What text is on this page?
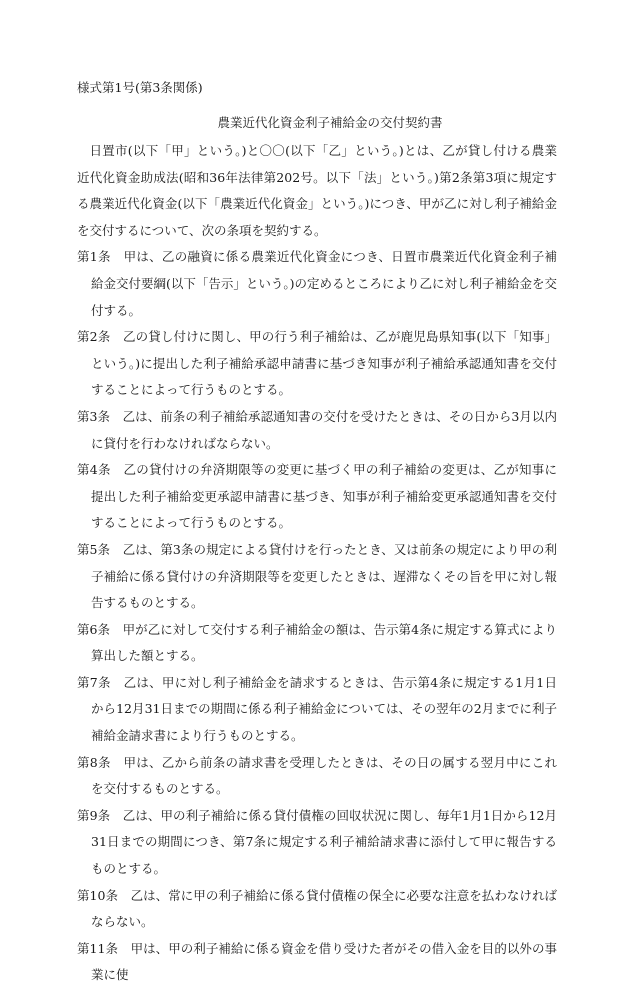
様式第1号(第3条関係)
農業近代化資金利子補給金の交付契約書

日置市(以下「甲」という。)と〇〇(以下「乙」という。)とは、乙が貸し付ける農業近代化資金助成法(昭和36年法律第202号。以下「法」という。)第2条第3項に規定する農業近代化資金(以下「農業近代化資金」という。)につき、甲が乙に対し利子補給金を交付するについて、次の条項を契約する。

第1条　 甲は、乙の融資に係る農業近代化資金につき、日置市農業近代化資金利子補給金交付要綱(以下「告示」という。)の定めるところにより乙に対し利子補給金を交付する。

第2条　 乙の貸し付けに関し、甲の行う利子補給は、乙が鹿児島県知事(以下「知事」という。)に提出した利子補給承認申請書に基づき知事が利子補給承認通知書を交付することによって行うものとする。

第3条　 乙は、前条の利子補給承認通知書の交付を受けたときは、その日から3月以内に貸付を行わなければならない。

第4条　 乙の貸付けの弁済期限等の変更に基づく甲の利子補給の変更は、乙が知事に提出した利子補給変更承認申請書に基づき、知事が利子補給変更承認通知書を交付することによって行うものとする。

第5条　 乙は、第3条の規定による貸付けを行ったとき、又は前条の規定により甲の利子補給に係る貸付けの弁済期限等を変更したときは、遅滞なくその旨を甲に対し報告するものとする。

第6条　 甲が乙に対して交付する利子補給金の額は、告示第4条に規定する算式により算出した額とする。

第7条　 乙は、甲に対し利子補給金を請求するときは、告示第4条に規定する1月1日から12月31日までの期間に係る利子補給金については、その翌年の2月までに利子補給金請求書により行うものとする。

第8条　 甲は、乙から前条の請求書を受理したときは、その日の属する翌月中にこれを交付するものとする。

第9条　 乙は、甲の利子補給に係る貸付債権の回収状況に関し、毎年1月1日から12月31日までの期間につき、第7条に規定する利子補給請求書に添付して甲に報告するものとする。

第10条　 乙は、常に甲の利子補給に係る貸付債権の保全に必要な注意を払わなければならない。

第11条　 甲は、甲の利子補給に係る資金を借り受けた者がその借入金を目的以外の事業に使
